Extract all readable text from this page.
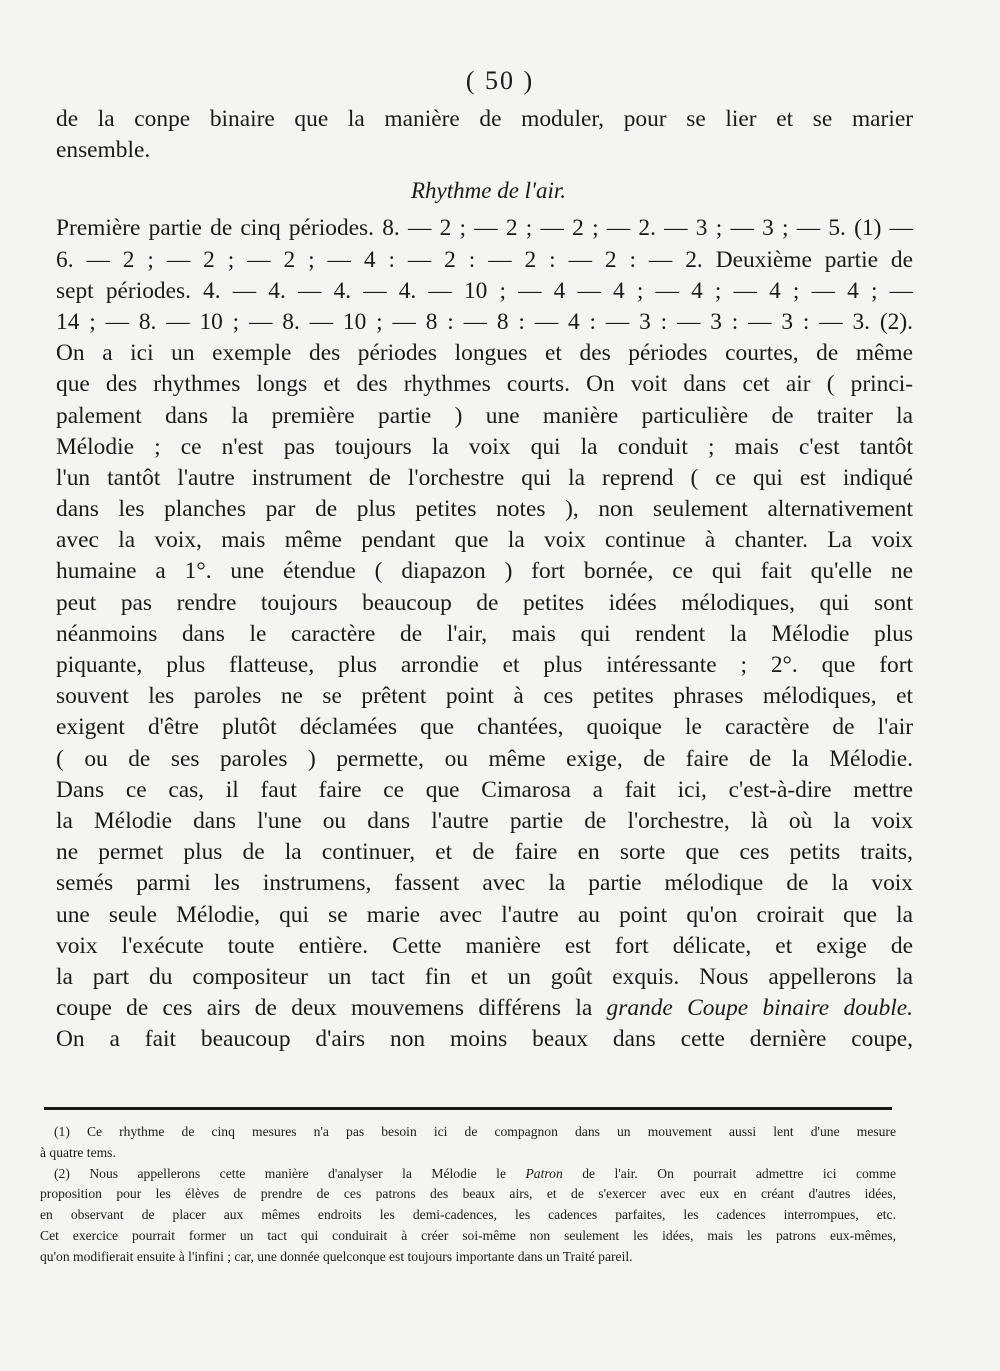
( 50 )
de la conpe binaire que la manière de moduler, pour se lier et se marier
ensemble.
Rhythme de l'air.
Première partie de cinq périodes. 8. — 2 ; — 2 ; — 2 ; — 2. — 3 ; — 3 ; — 5. (1) —
6. — 2 ; — 2 ; — 2 ; — 4 : — 2 : — 2 : — 2 : — 2. Deuxième partie de
sept périodes. 4. — 4. — 4. — 4. — 10 ; — 4 — 4 ; — 4 ; — 4 ; — 4 ; —
14 ; — 8. — 10 ; — 8. — 10 ; — 8 : — 8 : — 4 : — 3 : — 3 : — 3 : — 3. (2).
On a ici un exemple des périodes longues et des périodes courtes, de même
que des rhythmes longs et des rhythmes courts. On voit dans cet air ( princi-
palement dans la première partie ) une manière particulière de traiter la
Mélodie ; ce n'est pas toujours la voix qui la conduit ; mais c'est tantôt
l'un tantôt l'autre instrument de l'orchestre qui la reprend ( ce qui est indiqué
dans les planches par de plus petites notes ), non seulement alternativement
avec la voix, mais même pendant que la voix continue à chanter. La voix
humaine a 1°. une étendue ( diapazon ) fort bornée, ce qui fait qu'elle ne
peut pas rendre toujours beaucoup de petites idées mélodiques, qui sont
néanmoins dans le caractère de l'air, mais qui rendent la Mélodie plus
piquante, plus flatteuse, plus arrondie et plus intéressante ; 2°. que fort
souvent les paroles ne se prêtent point à ces petites phrases mélodiques, et
exigent d'être plutôt déclamées que chantées, quoique le caractère de l'air
( ou de ses paroles ) permette, ou même exige, de faire de la Mélodie.
Dans ce cas, il faut faire ce que Cimarosa a fait ici, c'est-à-dire mettre
la Mélodie dans l'une ou dans l'autre partie de l'orchestre, là où la voix
ne permet plus de la continuer, et de faire en sorte que ces petits traits,
semés parmi les instrumens, fassent avec la partie mélodique de la voix
une seule Mélodie, qui se marie avec l'autre au point qu'on croirait que la
voix l'exécute toute entière. Cette manière est fort délicate, et exige de
la part du compositeur un tact fin et un goût exquis. Nous appellerons la
coupe de ces airs de deux mouvemens différens la grande Coupe binaire double.
On a fait beaucoup d'airs non moins beaux dans cette dernière coupe,
(1) Ce rhythme de cinq mesures n'a pas besoin ici de compagnon dans un mouvement aussi lent d'une mesure
à quatre tems.
(2) Nous appellerons cette manière d'analyser la Mélodie le Patron de l'air. On pourrait admettre ici comme
proposition pour les élèves de prendre de ces patrons des beaux airs, et de s'exercer avec eux en créant d'autres idées,
en observant de placer aux mêmes endroits les demi-cadences, les cadences parfaites, les cadences interrompues, etc.
Cet exercice pourrait former un tact qui conduirait à créer soi-même non seulement les idées, mais les patrons eux-mêmes,
qu'on modifierait ensuite à l'infini ; car, une donnée quelconque est toujours importante dans un Traité pareil.
